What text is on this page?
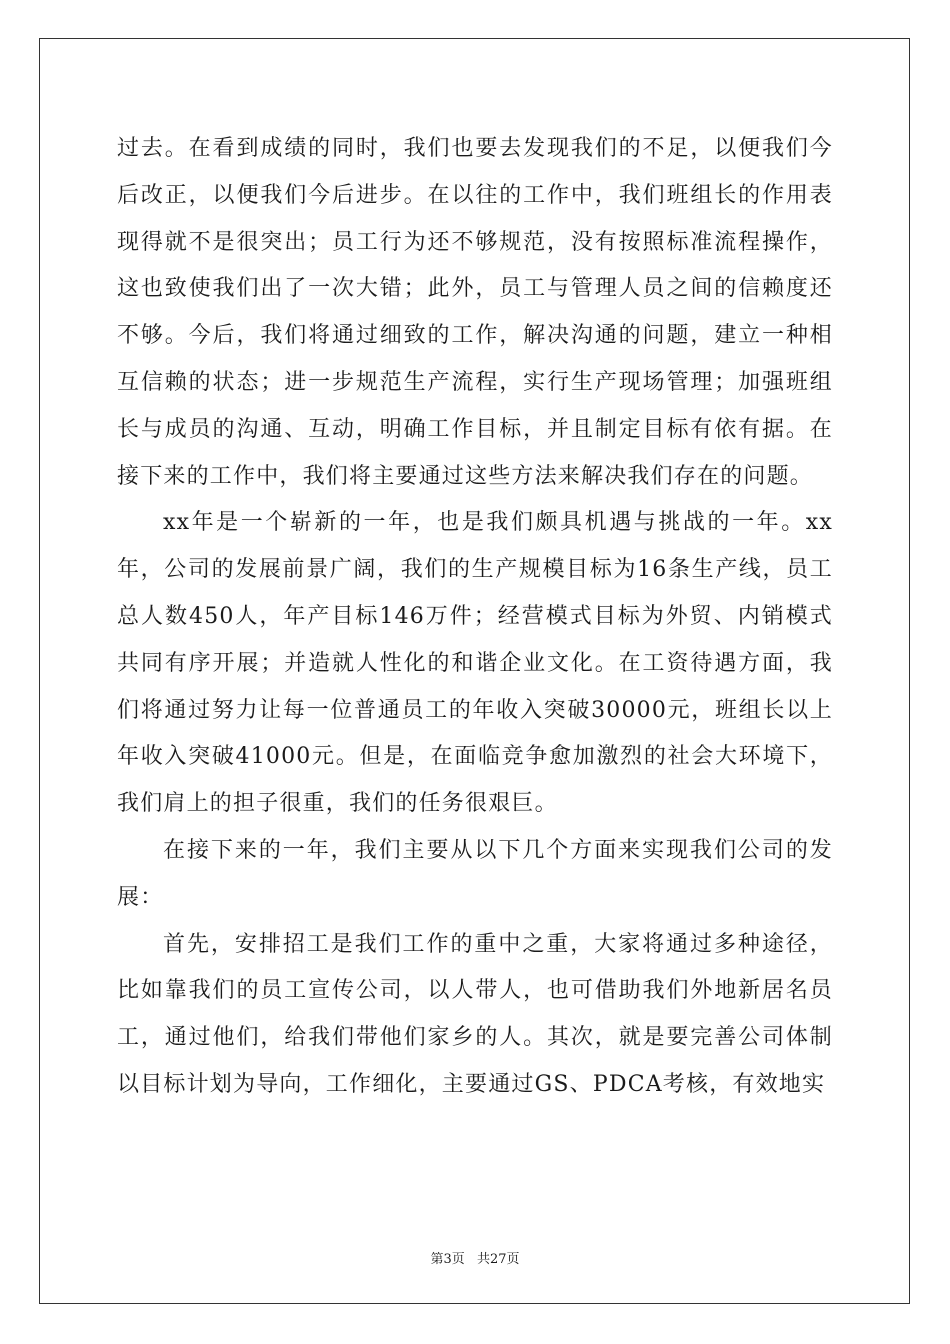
过去。在看到成绩的同时，我们也要去发现我们的不足，以便我们今后改正，以便我们今后进步。在以往的工作中，我们班组长的作用表现得就不是很突出；员工行为还不够规范，没有按照标准流程操作，这也致使我们出了一次大错；此外，员工与管理人员之间的信赖度还不够。今后，我们将通过细致的工作，解决沟通的问题，建立一种相互信赖的状态；进一步规范生产流程，实行生产现场管理；加强班组长与成员的沟通、互动，明确工作目标，并且制定目标有依有据。在接下来的工作中，我们将主要通过这些方法来解决我们存在的问题。

xx年是一个崭新的一年，也是我们颇具机遇与挑战的一年。xx年，公司的发展前景广阔，我们的生产规模目标为16条生产线，员工总人数450人，年产目标146万件；经营模式目标为外贸、内销模式共同有序开展；并造就人性化的和谐企业文化。在工资待遇方面，我们将通过努力让每一位普通员工的年收入突破30000元，班组长以上年收入突破41000元。但是，在面临竞争愈加激烈的社会大环境下，我们肩上的担子很重，我们的任务很艰巨。

在接下来的一年，我们主要从以下几个方面来实现我们公司的发展：

首先，安排招工是我们工作的重中之重，大家将通过多种途径，比如靠我们的员工宣传公司，以人带人，也可借助我们外地新居名员工，通过他们，给我们带他们家乡的人。其次，就是要完善公司体制以目标计划为导向，工作细化，主要通过GS、PDCA考核，有效地实

第3页 共27页
